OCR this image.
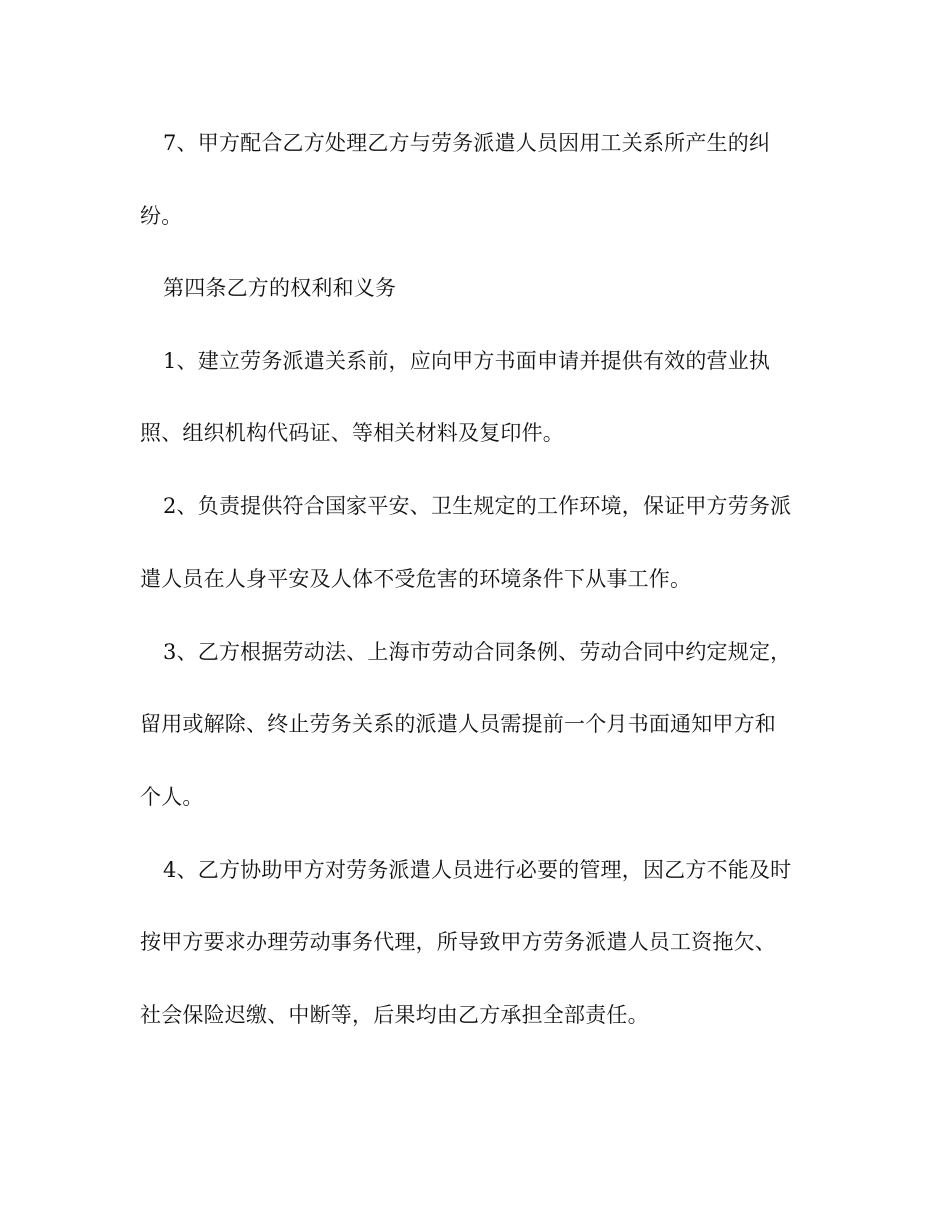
7、甲方配合乙方处理乙方与劳务派遣人员因用工关系所产生的纠
纷。
第四条乙方的权利和义务
1、建立劳务派遣关系前，应向甲方书面申请并提供有效的营业执
照、组织机构代码证、等相关材料及复印件。
2、负责提供符合国家平安、卫生规定的工作环境，保证甲方劳务派
遣人员在人身平安及人体不受危害的环境条件下从事工作。
3、乙方根据劳动法、上海市劳动合同条例、劳动合同中约定规定，
留用或解除、终止劳务关系的派遣人员需提前一个月书面通知甲方和
个人。
4、乙方协助甲方对劳务派遣人员进行必要的管理，因乙方不能及时
按甲方要求办理劳动事务代理，所导致甲方劳务派遣人员工资拖欠、
社会保险迟缴、中断等，后果均由乙方承担全部责任。
